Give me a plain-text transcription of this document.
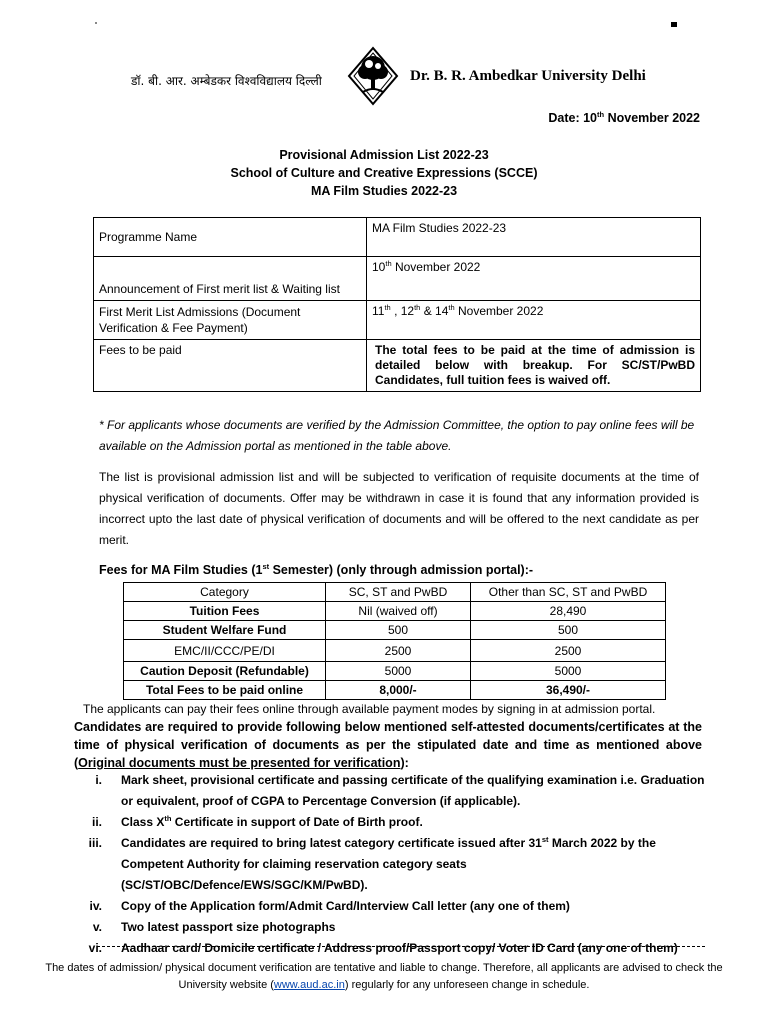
डॉ. बी. आर. अम्बेडकर विश्वविद्यालय दिल्ली	Dr. B. R. Ambedkar University Delhi
Date: 10th November 2022
Provisional Admission List 2022-23
School of Culture and Creative Expressions (SCCE)
MA Film Studies 2022-23
Programme Name	MA Film Studies 2022-23
Announcement of First merit list & Waiting list	10th November 2022
First Merit List Admissions (Document Verification & Fee Payment)	11th , 12th & 14th November 2022
Fees to be paid	The total fees to be paid at the time of admission is detailed below with breakup. For SC/ST/PwBD Candidates, full tuition fees is waived off.
* For applicants whose documents are verified by the Admission Committee, the option to pay online fees will be available on the Admission portal as mentioned in the table above.
The list is provisional admission list and will be subjected to verification of requisite documents at the time of physical verification of documents. Offer may be withdrawn in case it is found that any information provided is incorrect upto the last date of physical verification of documents and will be offered to the next candidate as per merit.
Fees for MA Film Studies (1st Semester) (only through admission portal):-
Category	SC, ST and PwBD	Other than SC, ST and PwBD
Tuition Fees	Nil (waived off)	28,490
Student Welfare Fund	500	500
EMC/II/CCC/PE/DI	2500	2500
Caution Deposit (Refundable)	5000	5000
Total Fees to be paid online	8,000/-	36,490/-
The applicants can pay their fees online through available payment modes by signing in at admission portal.
Candidates are required to provide following below mentioned self-attested documents/certificates at the time of physical verification of documents as per the stipulated date and time as mentioned above (Original documents must be presented for verification):
i. Mark sheet, provisional certificate and passing certificate of the qualifying examination i.e. Graduation or equivalent, proof of CGPA to Percentage Conversion (if applicable).
ii. Class Xth Certificate in support of Date of Birth proof.
iii. Candidates are required to bring latest category certificate issued after 31st March 2022 by the Competent Authority for claiming reservation category seats (SC/ST/OBC/Defence/EWS/SGC/KM/PwBD).
iv. Copy of the Application form/Admit Card/Interview Call letter (any one of them)
v. Two latest passport size photographs
vi. Aadhaar card/ Domicile certificate / Address proof/Passport copy/ Voter ID Card (any one of them)
The dates of admission/ physical document verification are tentative and liable to change. Therefore, all applicants are advised to check the University website (www.aud.ac.in) regularly for any unforeseen change in schedule.
